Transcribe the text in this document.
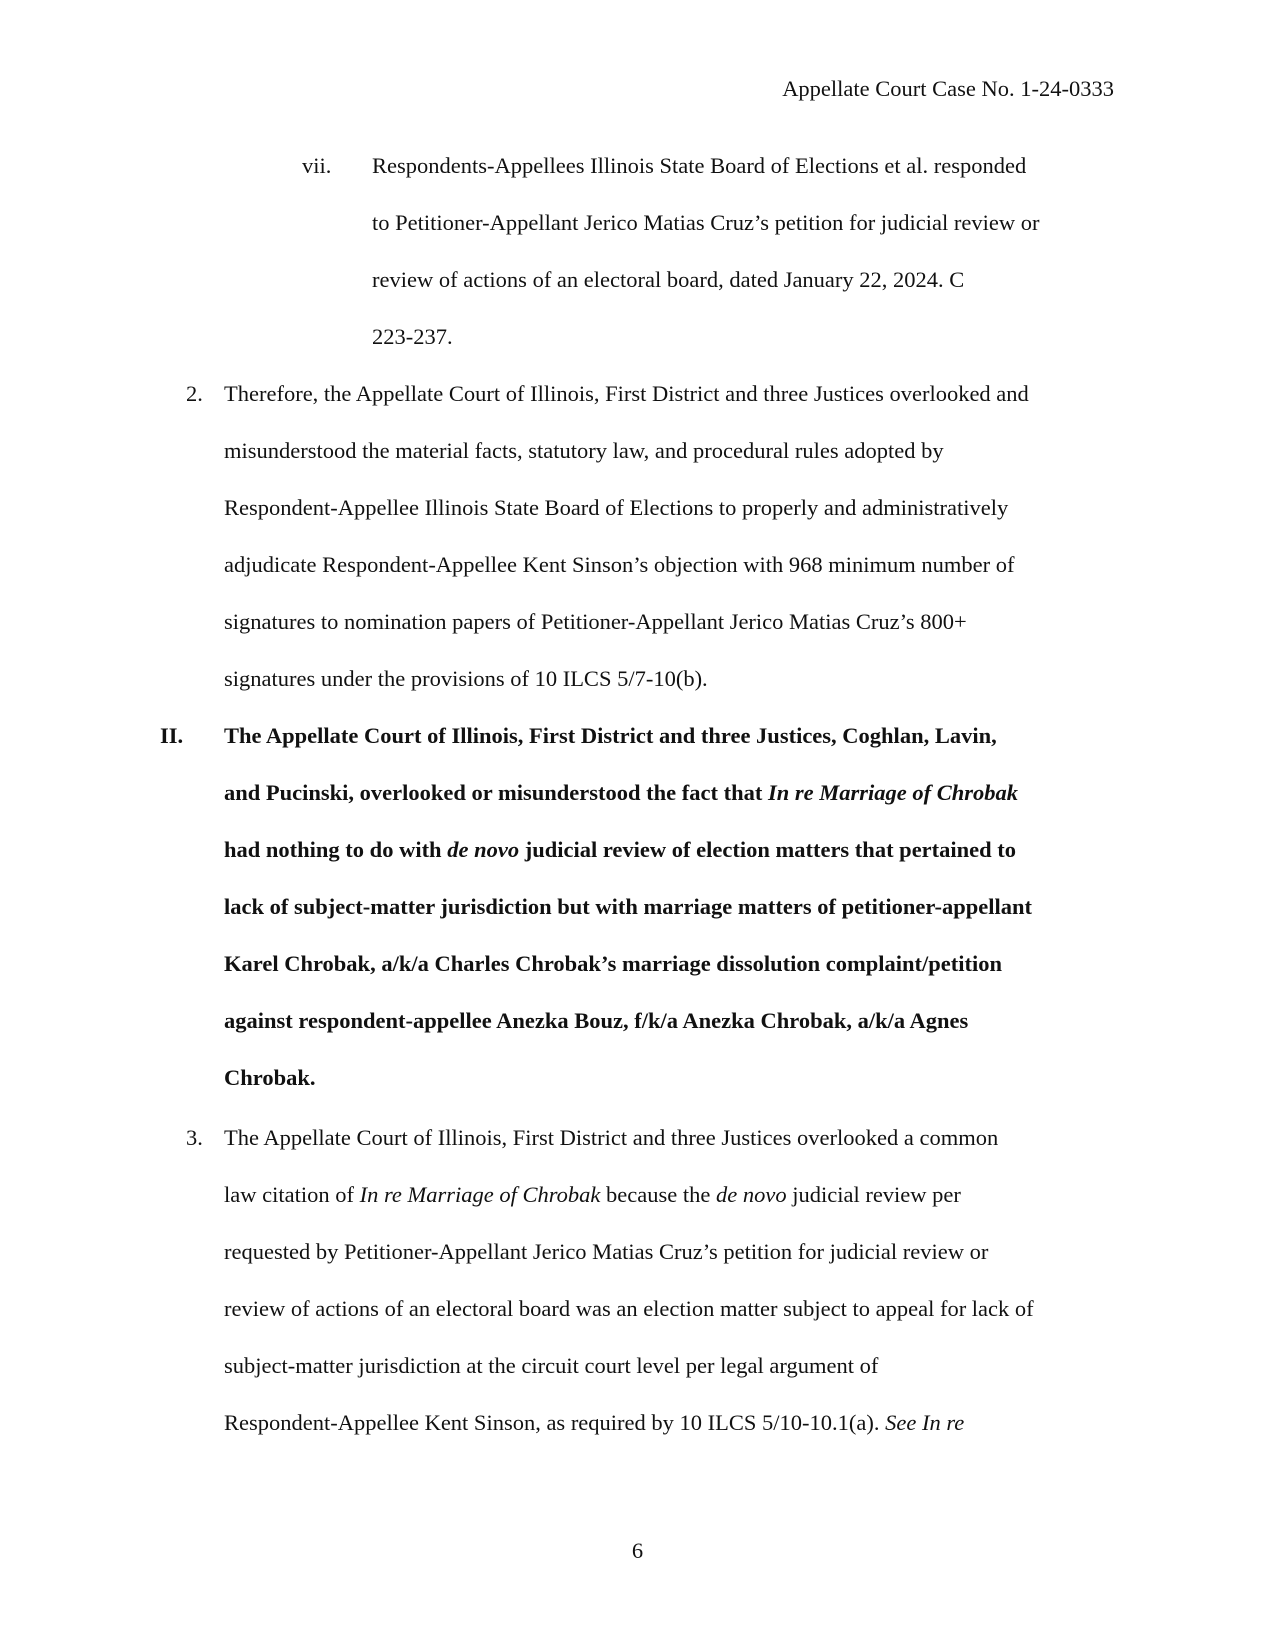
Appellate Court Case No. 1-24-0333
vii. Respondents-Appellees Illinois State Board of Elections et al. responded
to Petitioner-Appellant Jerico Matias Cruz’s petition for judicial review or
review of actions of an electoral board, dated January 22, 2024. C
223-237.
2. Therefore, the Appellate Court of Illinois, First District and three Justices overlooked and
misunderstood the material facts, statutory law, and procedural rules adopted by
Respondent-Appellee Illinois State Board of Elections to properly and administratively
adjudicate Respondent-Appellee Kent Sinson’s objection with 968 minimum number of
signatures to nomination papers of Petitioner-Appellant Jerico Matias Cruz’s 800+
signatures under the provisions of 10 ILCS 5/7-10(b).
II. The Appellate Court of Illinois, First District and three Justices, Coghlan, Lavin,
and Pucinski, overlooked or misunderstood the fact that In re Marriage of Chrobak
had nothing to do with de novo judicial review of election matters that pertained to
lack of subject-matter jurisdiction but with marriage matters of petitioner-appellant
Karel Chrobak, a/k/a Charles Chrobak’s marriage dissolution complaint/petition
against respondent-appellee Anezka Bouz, f/k/a Anezka Chrobak, a/k/a Agnes
Chrobak.
3. The Appellate Court of Illinois, First District and three Justices overlooked a common
law citation of In re Marriage of Chrobak because the de novo judicial review per
requested by Petitioner-Appellant Jerico Matias Cruz’s petition for judicial review or
review of actions of an electoral board was an election matter subject to appeal for lack of
subject-matter jurisdiction at the circuit court level per legal argument of
Respondent-Appellee Kent Sinson, as required by 10 ILCS 5/10-10.1(a). See In re
6
